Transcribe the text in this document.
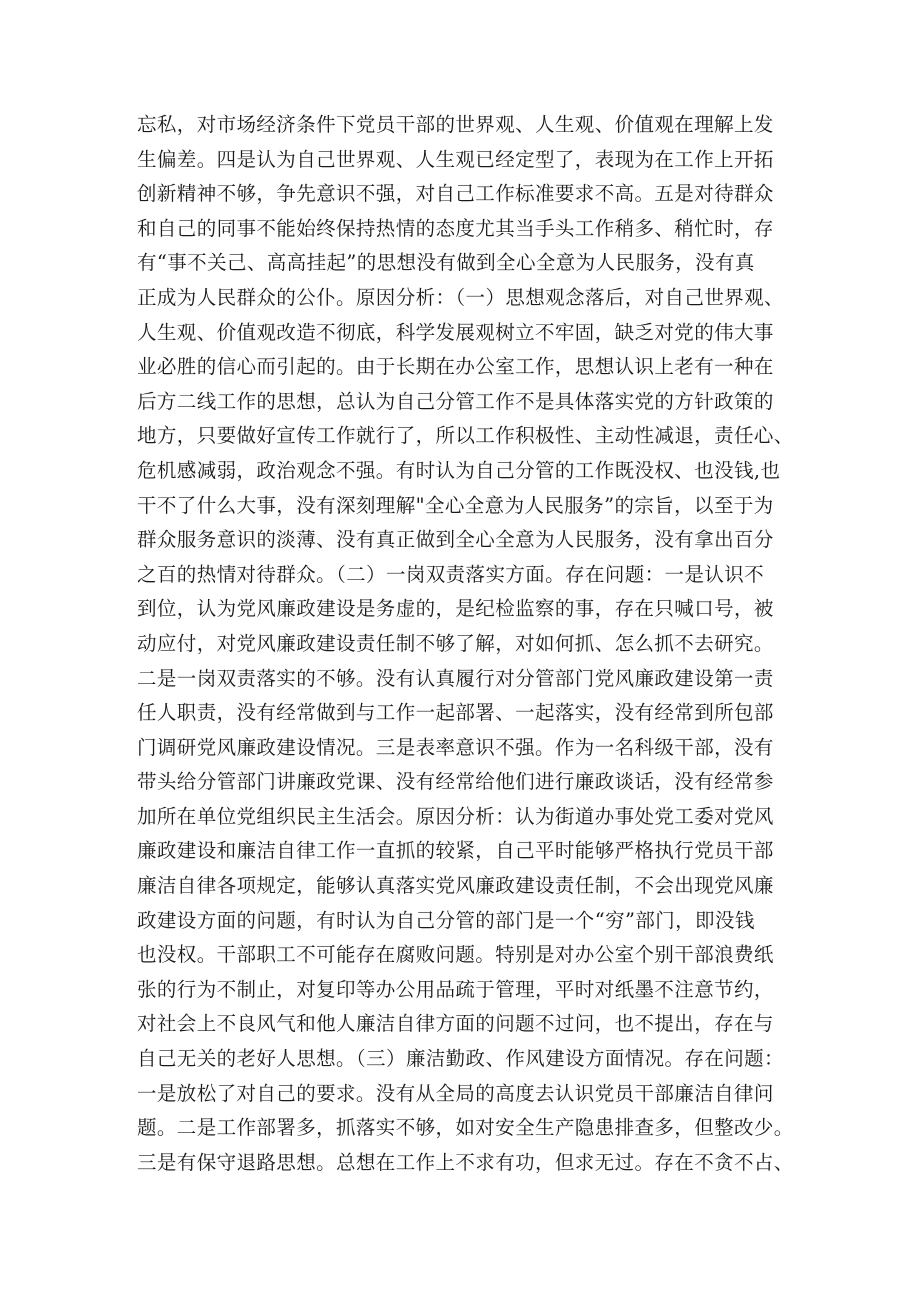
忘私，对市场经济条件下党员干部的世界观、人生观、价值观在理解上发
生偏差。四是认为自己世界观、人生观已经定型了，表现为在工作上开拓
创新精神不够，争先意识不强，对自己工作标准要求不高。五是对待群众
和自己的同事不能始终保持热情的态度尤其当手头工作稍多、稍忙时，存
有“事不关己、高高挂起”的思想没有做到全心全意为人民服务，没有真
正成为人民群众的公仆。原因分析：（一）思想观念落后，对自己世界观、
人生观、价值观改造不彻底，科学发展观树立不牢固，缺乏对党的伟大事
业必胜的信心而引起的。由于长期在办公室工作，思想认识上老有一种在
后方二线工作的思想，总认为自己分管工作不是具体落实党的方针政策的
地方，只要做好宣传工作就行了，所以工作积极性、主动性减退，责任心、
危机感减弱，政治观念不强。有时认为自己分管的工作既没权、也没钱,也
干不了什么大事，没有深刻理解"全心全意为人民服务”的宗旨，以至于为
群众服务意识的淡薄、没有真正做到全心全意为人民服务，没有拿出百分
之百的热情对待群众。（二）一岗双责落实方面。存在问题：一是认识不
到位，认为党风廉政建设是务虚的，是纪检监察的事，存在只喊口号，被
动应付，对党风廉政建设责任制不够了解，对如何抓、怎么抓不去研究。
二是一岗双责落实的不够。没有认真履行对分管部门党风廉政建设第一责
任人职责，没有经常做到与工作一起部署、一起落实，没有经常到所包部
门调研党风廉政建设情况。三是表率意识不强。作为一名科级干部，没有
带头给分管部门讲廉政党课、没有经常给他们进行廉政谈话，没有经常参
加所在单位党组织民主生活会。原因分析：认为街道办事处党工委对党风
廉政建设和廉洁自律工作一直抓的较紧，自己平时能够严格执行党员干部
廉洁自律各项规定，能够认真落实党风廉政建设责任制，不会出现党风廉
政建设方面的问题，有时认为自己分管的部门是一个“穷”部门，即没钱
也没权。干部职工不可能存在腐败问题。特别是对办公室个别干部浪费纸
张的行为不制止，对复印等办公用品疏于管理，平时对纸墨不注意节约，
对社会上不良风气和他人廉洁自律方面的问题不过问，也不提出，存在与
自己无关的老好人思想。（三）廉洁勤政、作风建设方面情况。存在问题：
一是放松了对自己的要求。没有从全局的高度去认识党员干部廉洁自律问
题。二是工作部署多，抓落实不够，如对安全生产隐患排查多，但整改少。
三是有保守退路思想。总想在工作上不求有功，但求无过。存在不贪不占、
